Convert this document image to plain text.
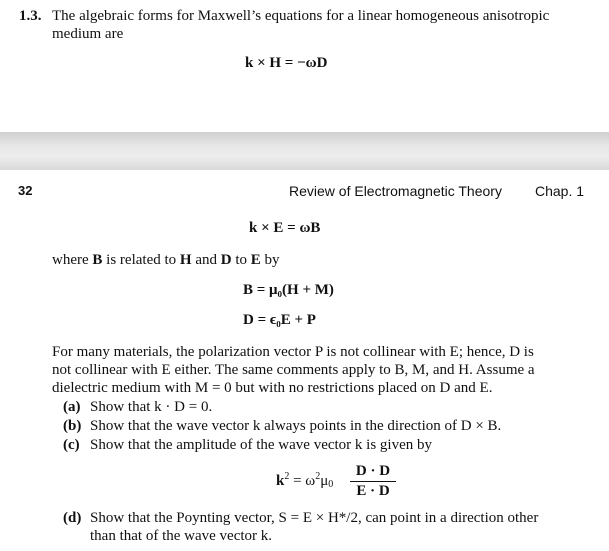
1.3. The algebraic forms for Maxwell’s equations for a linear homogeneous anisotropic
medium are
k × H = −ωD
32	Review of Electromagnetic Theory Chap. 1
k × E = ωB
where B is related to H and D to E by
B = μ₀(H + M)
D = ϵ₀E + P
For many materials, the polarization vector P is not collinear with E; hence, D is
not collinear with E either. The same comments apply to B, M, and H. Assume a
dielectric medium with M = 0 but with no restrictions placed on D and E.
(a) Show that k · D = 0.
(b) Show that the wave vector k always points in the direction of D × B.
(c) Show that the amplitude of the wave vector k is given by
$k^2 = \omega^2\mu_0$
D · D
E · D
(d) Show that the Poynting vector, S = E × H*/2, can point in a direction other
than that of the wave vector k.
